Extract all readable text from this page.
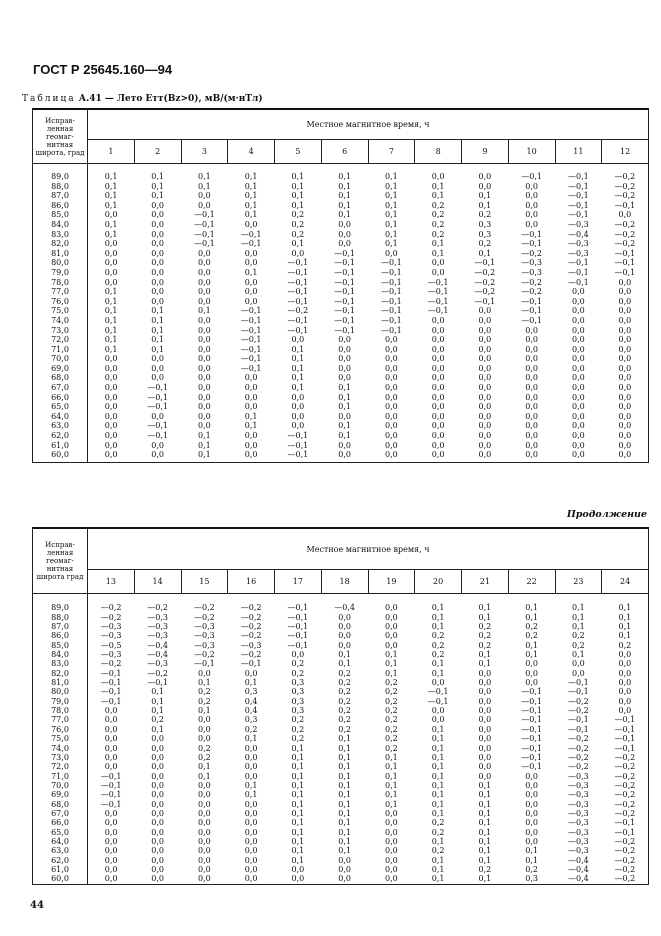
ГОСТ Р 25645.160—94
Таблица А.41 — Лето Eᴛᴛ(Bᴢ>0), мВ/(м·нТл)
Исправ-ленная геомаг-нитная широта, град	Местное магнитное время, ч											
	1	2	3	4	5	6	7	8	9	10	11	12

89,0	0,1	0,1	0,1	0,1	0,1	0,1	0,1	0,0	0,0	—0,1	—0,1	—0,2
88,0	0,1	0,1	0,1	0,1	0,1	0,1	0,1	0,1	0,0	0,0	—0,1	—0,2
87,0	0,1	0,1	0,0	0,1	0,1	0,1	0,1	0,1	0,1	0,0	—0,1	—0,2
86,0	0,1	0,0	0,0	0,1	0,1	0,1	0,1	0,2	0,1	0,0	—0,1	—0,1
85,0	0,0	0,0	—0,1	0,1	0,2	0,1	0,1	0,2	0,2	0,0	—0,1	0,0
84,0	0,1	0,0	—0,1	0,0	0,2	0,0	0,1	0,2	0,3	0,0	—0,3	—0,2
83,0	0,1	0,0	—0,1	—0,1	0,2	0,0	0,1	0,2	0,3	—0,1	—0,4	—0,2
82,0	0,0	0,0	—0,1	—0,1	0,1	0,0	0,1	0,1	0,2	—0,1	—0,3	—0,2
81,0	0,0	0,0	0,0	0,0	0,0	—0,1	0,0	0,1	0,1	—0,2	—0,3	—0,1
80,0	0,0	0,0	0,0	0,0	—0,1	—0,1	—0,1	0,0	—0,1	—0,3	—0,1	—0,1
79,0	0,0	0,0	0,0	0,1	—0,1	—0,1	—0,1	0,0	—0,2	—0,3	—0,1	—0,1
78,0	0,0	0,0	0,0	0,0	—0,1	—0,1	—0,1	—0,1	—0,2	—0,2	—0,1	0,0
77,0	0,1	0,0	0,0	0,0	—0,1	—0,1	—0,1	—0,1	—0,2	—0,2	0,0	0,0
76,0	0,1	0,0	0,0	0,0	—0,1	—0,1	—0,1	—0,1	—0,1	—0,1	0,0	0,0
75,0	0,1	0,1	0,1	—0,1	—0,2	—0,1	—0,1	—0,1	0,0	—0,1	0,0	0,0
74,0	0,1	0,1	0,0	—0,1	—0,1	—0,1	—0,1	0,0	0,0	—0,1	0,0	0,0
73,0	0,1	0,1	0,0	—0,1	—0,1	—0,1	—0,1	0,0	0,0	0,0	0,0	0,0
72,0	0,1	0,1	0,0	—0,1	0,0	0,0	0,0	0,0	0,0	0,0	0,0	0,0
71,0	0,1	0,1	0,0	—0,1	0,1	0,0	0,0	0,0	0,0	0,0	0,0	0,0
70,0	0,0	0,0	0,0	—0,1	0,1	0,0	0,0	0,0	0,0	0,0	0,0	0,0
69,0	0,0	0,0	0,0	—0,1	0,1	0,0	0,0	0,0	0,0	0,0	0,0	0,0
68,0	0,0	0,0	0,0	0,0	0,1	0,0	0,0	0,0	0,0	0,0	0,0	0,0
67,0	0,0	—0,1	0,0	0,0	0,1	0,1	0,0	0,0	0,0	0,0	0,0	0,0
66,0	0,0	—0,1	0,0	0,0	0,0	0,1	0,0	0,0	0,0	0,0	0,0	0,0
65,0	0,0	—0,1	0,0	0,0	0,0	0,1	0,0	0,0	0,0	0,0	0,0	0,0
64,0	0,0	0,0	0,0	0,1	0,0	0,0	0,0	0,0	0,0	0,0	0,0	0,0
63,0	0,0	—0,1	0,0	0,1	0,0	0,1	0,0	0,0	0,0	0,0	0,0	0,0
62,0	0,0	—0,1	0,1	0,0	—0,1	0,1	0,0	0,0	0,0	0,0	0,0	0,0
61,0	0,0	0,0	0,1	0,0	—0,1	0,0	0,0	0,0	0,0	0,0	0,0	0,0
60,0	0,0	0,0	0,1	0,0	—0,1	0,0	0,0	0,0	0,0	0,0	0,0	0,0
Продолжение
Исправ-ленная геомаг-нитная широта град	Местное магнитное время, ч											
	13	14	15	16	17	18	19	20	21	22	23	24

89,0	—0,2	—0,2	—0,2	—0,2	—0,1	—0,4	0,0	0,1	0,1	0,1	0,1	0,1
88,0	—0,2	—0,3	—0,2	—0,2	—0,1	0,0	0,0	0,1	0,1	0,1	0,1	0,1
87,0	—0,3	—0,3	—0,3	—0,2	—0,1	0,0	0,0	0,1	0,2	0,2	0,1	0,1
86,0	—0,3	—0,3	—0,3	—0,2	—0,1	0,0	0,0	0,2	0,2	0,2	0,2	0,1
85,0	—0,5	—0,4	—0,3	—0,3	—0,1	0,0	0,0	0,2	0,2	0,1	0,2	0,2
84,0	—0,3	—0,4	—0,2	—0,2	0,0	0,1	0,1	0,2	0,1	0,1	0,1	0,0
83,0	—0,2	—0,3	—0,1	—0,1	0,2	0,1	0,1	0,1	0,1	0,0	0,0	0,0
82,0	—0,1	—0,2	0,0	0,0	0,2	0,2	0,1	0,1	0,0	0,0	0,0	0,0
81,0	—0,1	—0,1	0,1	0,1	0,3	0,2	0,2	0,0	0,0	0,0	—0,1	0,0
80,0	—0,1	0,1	0,2	0,3	0,3	0,2	0,2	—0,1	0,0	—0,1	—0,1	0,0
79,0	—0,1	0,1	0,2	0,4	0,3	0,2	0,2	—0,1	0,0	—0,1	—0,2	0,0
78,0	0,0	0,1	0,1	0,4	0,3	0,2	0,2	0,0	0,0	—0,1	—0,2	0,0
77,0	0,0	0,2	0,0	0,3	0,2	0,2	0,2	0,0	0,0	—0,1	—0,1	—0,1
76,0	0,0	0,1	0,0	0,2	0,2	0,2	0,2	0,1	0,0	—0,1	—0,1	—0,1
75,0	0,0	0,0	0,0	0,1	0,2	0,1	0,2	0,1	0,0	—0,1	—0,2	—0,1
74,0	0,0	0,0	0,2	0,0	0,1	0,1	0,2	0,1	0,0	—0,1	—0,2	—0,1
73,0	0,0	0,0	0,2	0,0	0,1	0,1	0,1	0,1	0,0	—0,1	—0,2	—0,2
72,0	0,0	0,0	0,1	0,0	0,1	0,1	0,1	0,1	0,0	—0,1	—0,2	—0,2
71,0	—0,1	0,0	0,1	0,0	0,1	0,1	0,1	0,1	0,0	0,0	—0,3	—0,2
70,0	—0,1	0,0	0,0	0,1	0,1	0,1	0,1	0,1	0,1	0,0	—0,3	—0,2
69,0	—0,1	0,0	0,0	0,1	0,1	0,1	0,1	0,1	0,1	0,0	—0,3	—0,2
68,0	—0,1	0,0	0,0	0,0	0,1	0,1	0,1	0,1	0,1	0,0	—0,3	—0,2
67,0	0,0	0,0	0,0	0,0	0,1	0,1	0,0	0,1	0,1	0,0	—0,3	—0,2
66,0	0,0	0,0	0,0	0,0	0,1	0,1	0,0	0,2	0,1	0,0	—0,3	—0,1
65,0	0,0	0,0	0,0	0,0	0,1	0,1	0,0	0,2	0,1	0,0	—0,3	—0,1
64,0	0,0	0,0	0,0	0,0	0,1	0,1	0,0	0,1	0,1	0,0	—0,3	—0,2
63,0	0,0	0,0	0,0	0,0	0,1	0,1	0,0	0,2	0,1	0,1	—0,3	—0,2
62,0	0,0	0,0	0,0	0,0	0,1	0,0	0,0	0,1	0,1	0,1	—0,4	—0,2
61,0	0,0	0,0	0,0	0,0	0,0	0,0	0,0	0,1	0,2	0,2	—0,4	—0,2
60,0	0,0	0,0	0,0	0,0	0,0	0,0	0,0	0,1	0,1	0,3	—0,4	—0,2
44
